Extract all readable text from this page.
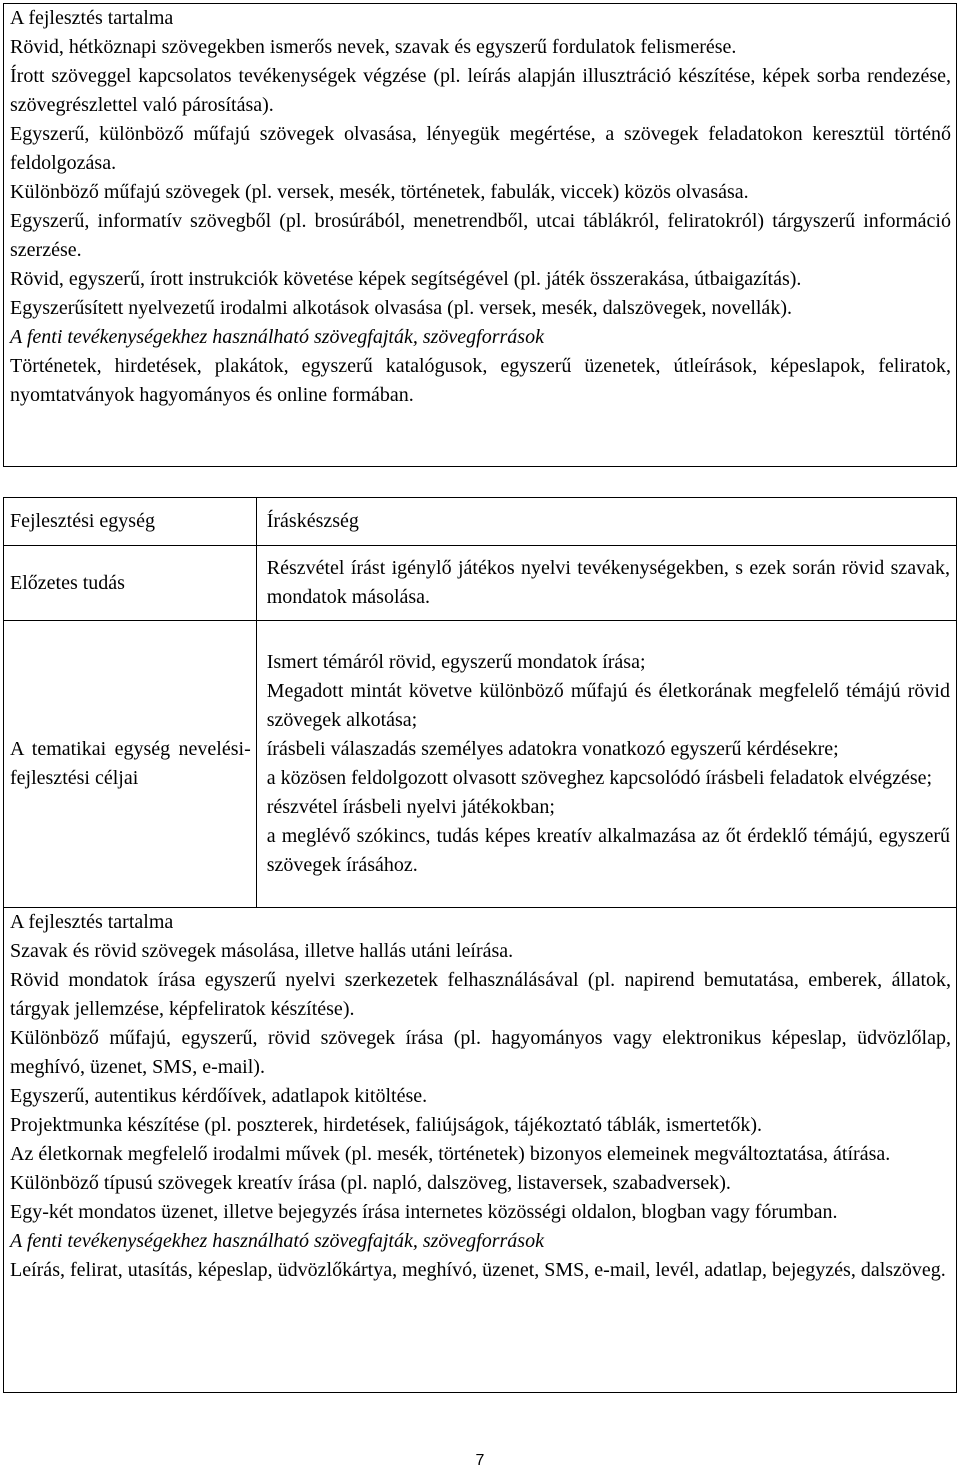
A fejlesztés tartalma

Rövid, hétköznapi szövegekben ismerős nevek, szavak és egyszerű fordulatok felismerése.

Írott szöveggel kapcsolatos tevékenységek végzése (pl. leírás alapján illusztráció készítése, képek sorba rendezése, szövegrészlettel való párosítása).

Egyszerű, különböző műfajú szövegek olvasása, lényegük megértése, a szövegek feladatokon keresztül történő feldolgozása.

Különböző műfajú szövegek (pl. versek, mesék, történetek, fabulák, viccek) közös olvasása.

Egyszerű, informatív szövegből (pl. brosúrából, menetrendből, utcai táblákról, feliratokról) tárgyszerű információ szerzése.

Rövid, egyszerű, írott instrukciók követése képek segítségével (pl. játék összerakása, útbaigazítás).

Egyszerűsített nyelvezetű irodalmi alkotások olvasása (pl. versek, mesék, dalszövegek, novellák).

A fenti tevékenységekhez használható szövegfajták, szövegforrások

Történetek, hirdetések, plakátok, egyszerű katalógusok, egyszerű üzenetek, útleírások, képeslapok, feliratok, nyomtatványok hagyományos és online formában.

Fejlesztési egység	Íráskészség
Előzetes tudás

Részvétel írást igénylő játékos nyelvi tevékenységekben, s ezek során rövid szavak, mondatok másolása.

A tematikai egység nevelési-fejlesztési céljai

Ismert témáról rövid, egyszerű mondatok írása;

Megadott mintát követve különböző műfajú és életkorának megfelelő témájú rövid szövegek alkotása;

írásbeli válaszadás személyes adatokra vonatkozó egyszerű kérdésekre;

a közösen feldolgozott olvasott szöveghez kapcsolódó írásbeli feladatok elvégzése;

részvétel írásbeli nyelvi játékokban;

a meglévő szókincs, tudás képes kreatív alkalmazása az őt érdeklő témájú, egyszerű szövegek írásához.

A fejlesztés tartalma

Szavak és rövid szövegek másolása, illetve hallás utáni leírása.

Rövid mondatok írása egyszerű nyelvi szerkezetek felhasználásával (pl. napirend bemutatása, emberek, állatok, tárgyak jellemzése, képfeliratok készítése).

Különböző műfajú, egyszerű, rövid szövegek írása (pl. hagyományos vagy elektronikus képeslap, üdvözlőlap, meghívó, üzenet, SMS, e-mail).

Egyszerű, autentikus kérdőívek, adatlapok kitöltése.

Projektmunka készítése (pl. poszterek, hirdetések, faliújságok, tájékoztató táblák, ismertetők).

Az életkornak megfelelő irodalmi művek (pl. mesék, történetek) bizonyos elemeinek megváltoztatása, átírása.

Különböző típusú szövegek kreatív írása (pl. napló, dalszöveg, listaversek, szabadversek).

Egy-két mondatos üzenet, illetve bejegyzés írása internetes közösségi oldalon, blogban vagy fórumban.

A fenti tevékenységekhez használható szövegfajták, szövegforrások

Leírás, felirat, utasítás, képeslap, üdvözlőkártya, meghívó, üzenet, SMS, e-mail, levél, adatlap, bejegyzés, dalszöveg.

7
